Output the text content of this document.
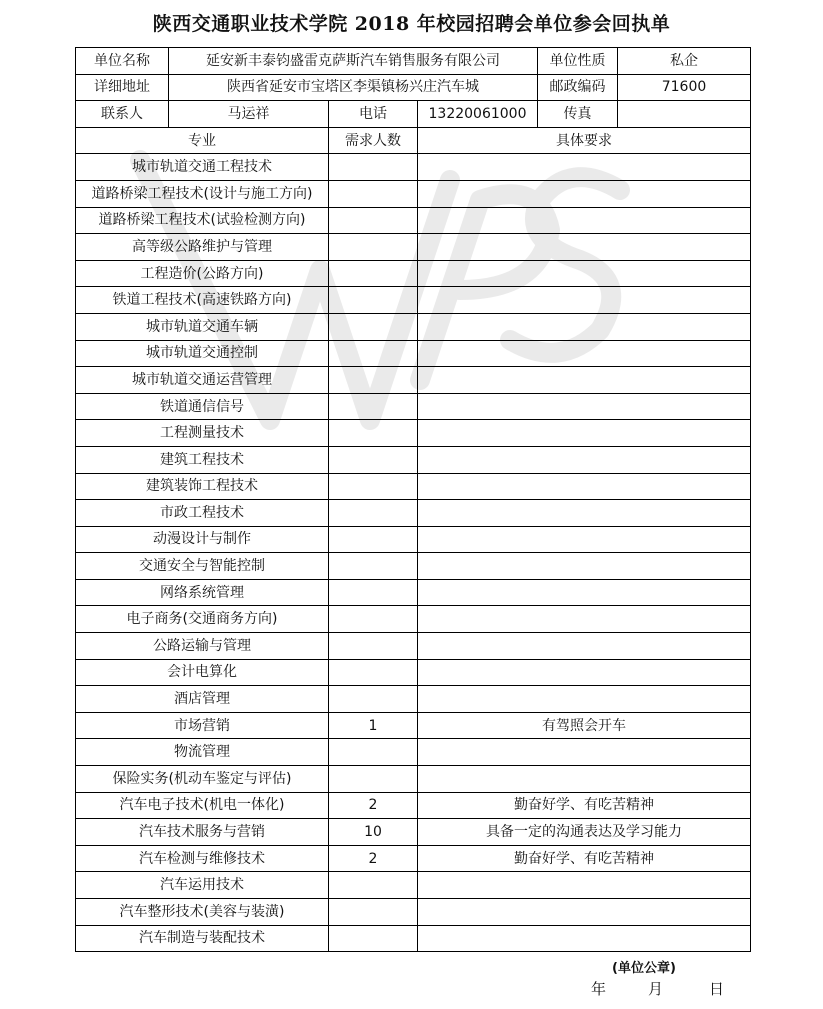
陕西交通职业技术学院 2018 年校园招聘会单位参会回执单
单位名称	延安新丰泰钧盛雷克萨斯汽车销售服务有限公司			单位性质	私企
详细地址	陕西省延安市宝塔区李渠镇杨兴庄汽车城			邮政编码	71600
联系人	马运祥	电话	13220061000	传真	
专业		需求人数	具体要求		
城市轨道交通工程技术					
道路桥梁工程技术(设计与施工方向)					
道路桥梁工程技术(试验检测方向)					
高等级公路维护与管理					
工程造价(公路方向)					
铁道工程技术(高速铁路方向)					
城市轨道交通车辆					
城市轨道交通控制					
城市轨道交通运营管理					
铁道通信信号					
工程测量技术					
建筑工程技术					
建筑装饰工程技术					
市政工程技术					
动漫设计与制作					
交通安全与智能控制					
网络系统管理					
电子商务(交通商务方向)					
公路运输与管理					
会计电算化					
酒店管理					
市场营销		1	有驾照会开车		
物流管理					
保险实务(机动车鉴定与评估)					
汽车电子技术(机电一体化)		2	勤奋好学、有吃苦精神		
汽车技术服务与营销		10	具备一定的沟通表达及学习能力		
汽车检测与维修技术		2	勤奋好学、有吃苦精神		
汽车运用技术					
汽车整形技术(美容与装潢)					
汽车制造与装配技术					
(单位公章)
年	月	日
